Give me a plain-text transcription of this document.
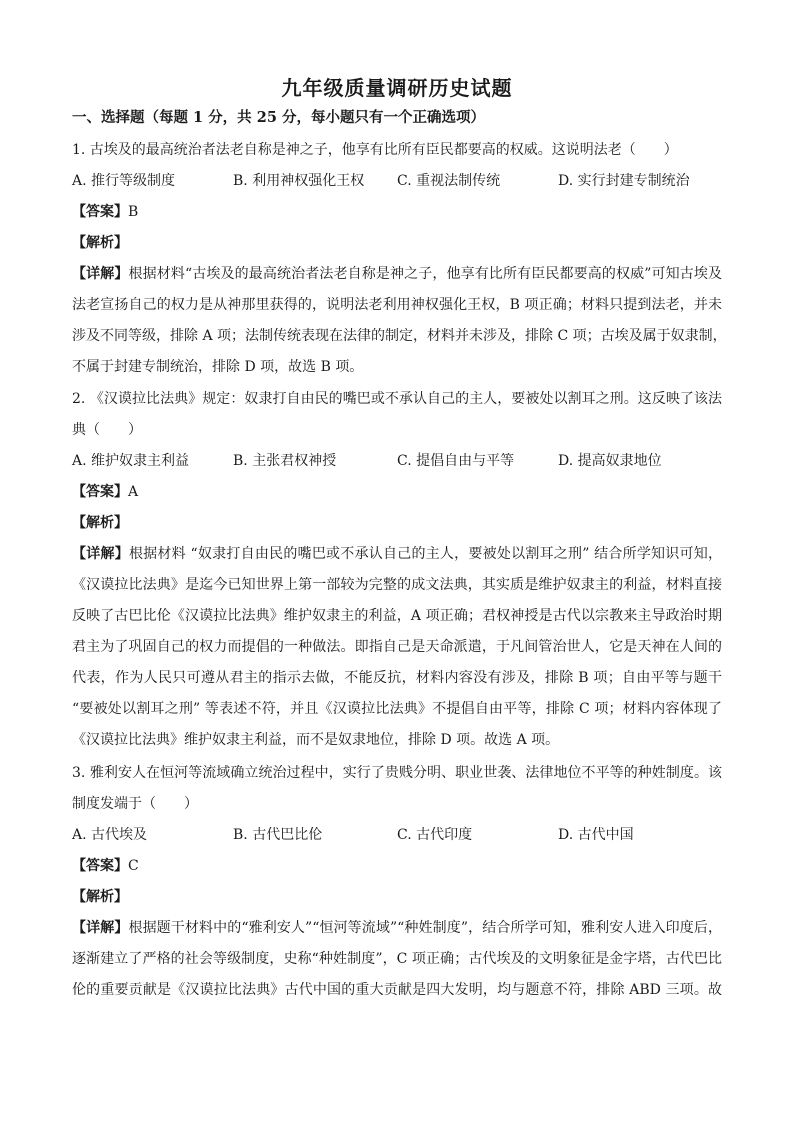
九年级质量调研历史试题
一、选择题（每题 1 分，共 25 分，每小题只有一个正确选项）
1. 古埃及的最高统治者法老自称是神之子，他享有比所有臣民都要高的权威。这说明法老（　　）
A. 推行等级制度	B. 利用神权强化王权 C. 重视法制传统	D. 实行封建专制统治
【答案】B
【解析】
【详解】根据材料“古埃及的最高统治者法老自称是神之子，他享有比所有臣民都要高的权威”可知古埃及
法老宣扬自己的权力是从神那里获得的，说明法老利用神权强化王权，B 项正确；材料只提到法老，并未
涉及不同等级，排除 A 项；法制传统表现在法律的制定，材料并未涉及，排除 C 项；古埃及属于奴隶制，
不属于封建专制统治，排除 D 项，故选 B 项。
2. 《汉谟拉比法典》规定：奴隶打自由民的嘴巴或不承认自己的主人，要被处以割耳之刑。这反映了该法
典（　　）
A. 维护奴隶主利益	B. 主张君权神授	C. 提倡自由与平等	D. 提高奴隶地位
【答案】A
【解析】
【详解】根据材料 “奴隶打自由民的嘴巴或不承认自己的主人，要被处以割耳之刑” 结合所学知识可知，
《汉谟拉比法典》是迄今已知世界上第一部较为完整的成文法典，其实质是维护奴隶主的利益，材料直接
反映了古巴比伦《汉谟拉比法典》维护奴隶主的利益，A 项正确；君权神授是古代以宗教来主导政治时期
君主为了巩固自己的权力而提倡的一种做法。即指自己是天命派遣，于凡间管治世人，它是天神在人间的
代表，作为人民只可遵从君主的指示去做，不能反抗，材料内容没有涉及，排除 B 项；自由平等与题干
“要被处以割耳之刑” 等表述不符，并且《汉谟拉比法典》不提倡自由平等，排除 C 项；材料内容体现了
《汉谟拉比法典》维护奴隶主利益，而不是奴隶地位，排除 D 项。故选 A 项。
3. 雅利安人在恒河等流域确立统治过程中，实行了贵贱分明、职业世袭、法律地位不平等的种姓制度。该
制度发端于（　　）
A. 古代埃及	B. 古代巴比伦	C. 古代印度	D. 古代中国
【答案】C
【解析】
【详解】根据题干材料中的“雅利安人”“恒河等流域”“种姓制度”，结合所学可知，雅利安人进入印度后，
逐渐建立了严格的社会等级制度，史称“种姓制度”，C 项正确；古代埃及的文明象征是金字塔，古代巴比
伦的重要贡献是《汉谟拉比法典》古代中国的重大贡献是四大发明，均与题意不符，排除 ABD 三项。故
